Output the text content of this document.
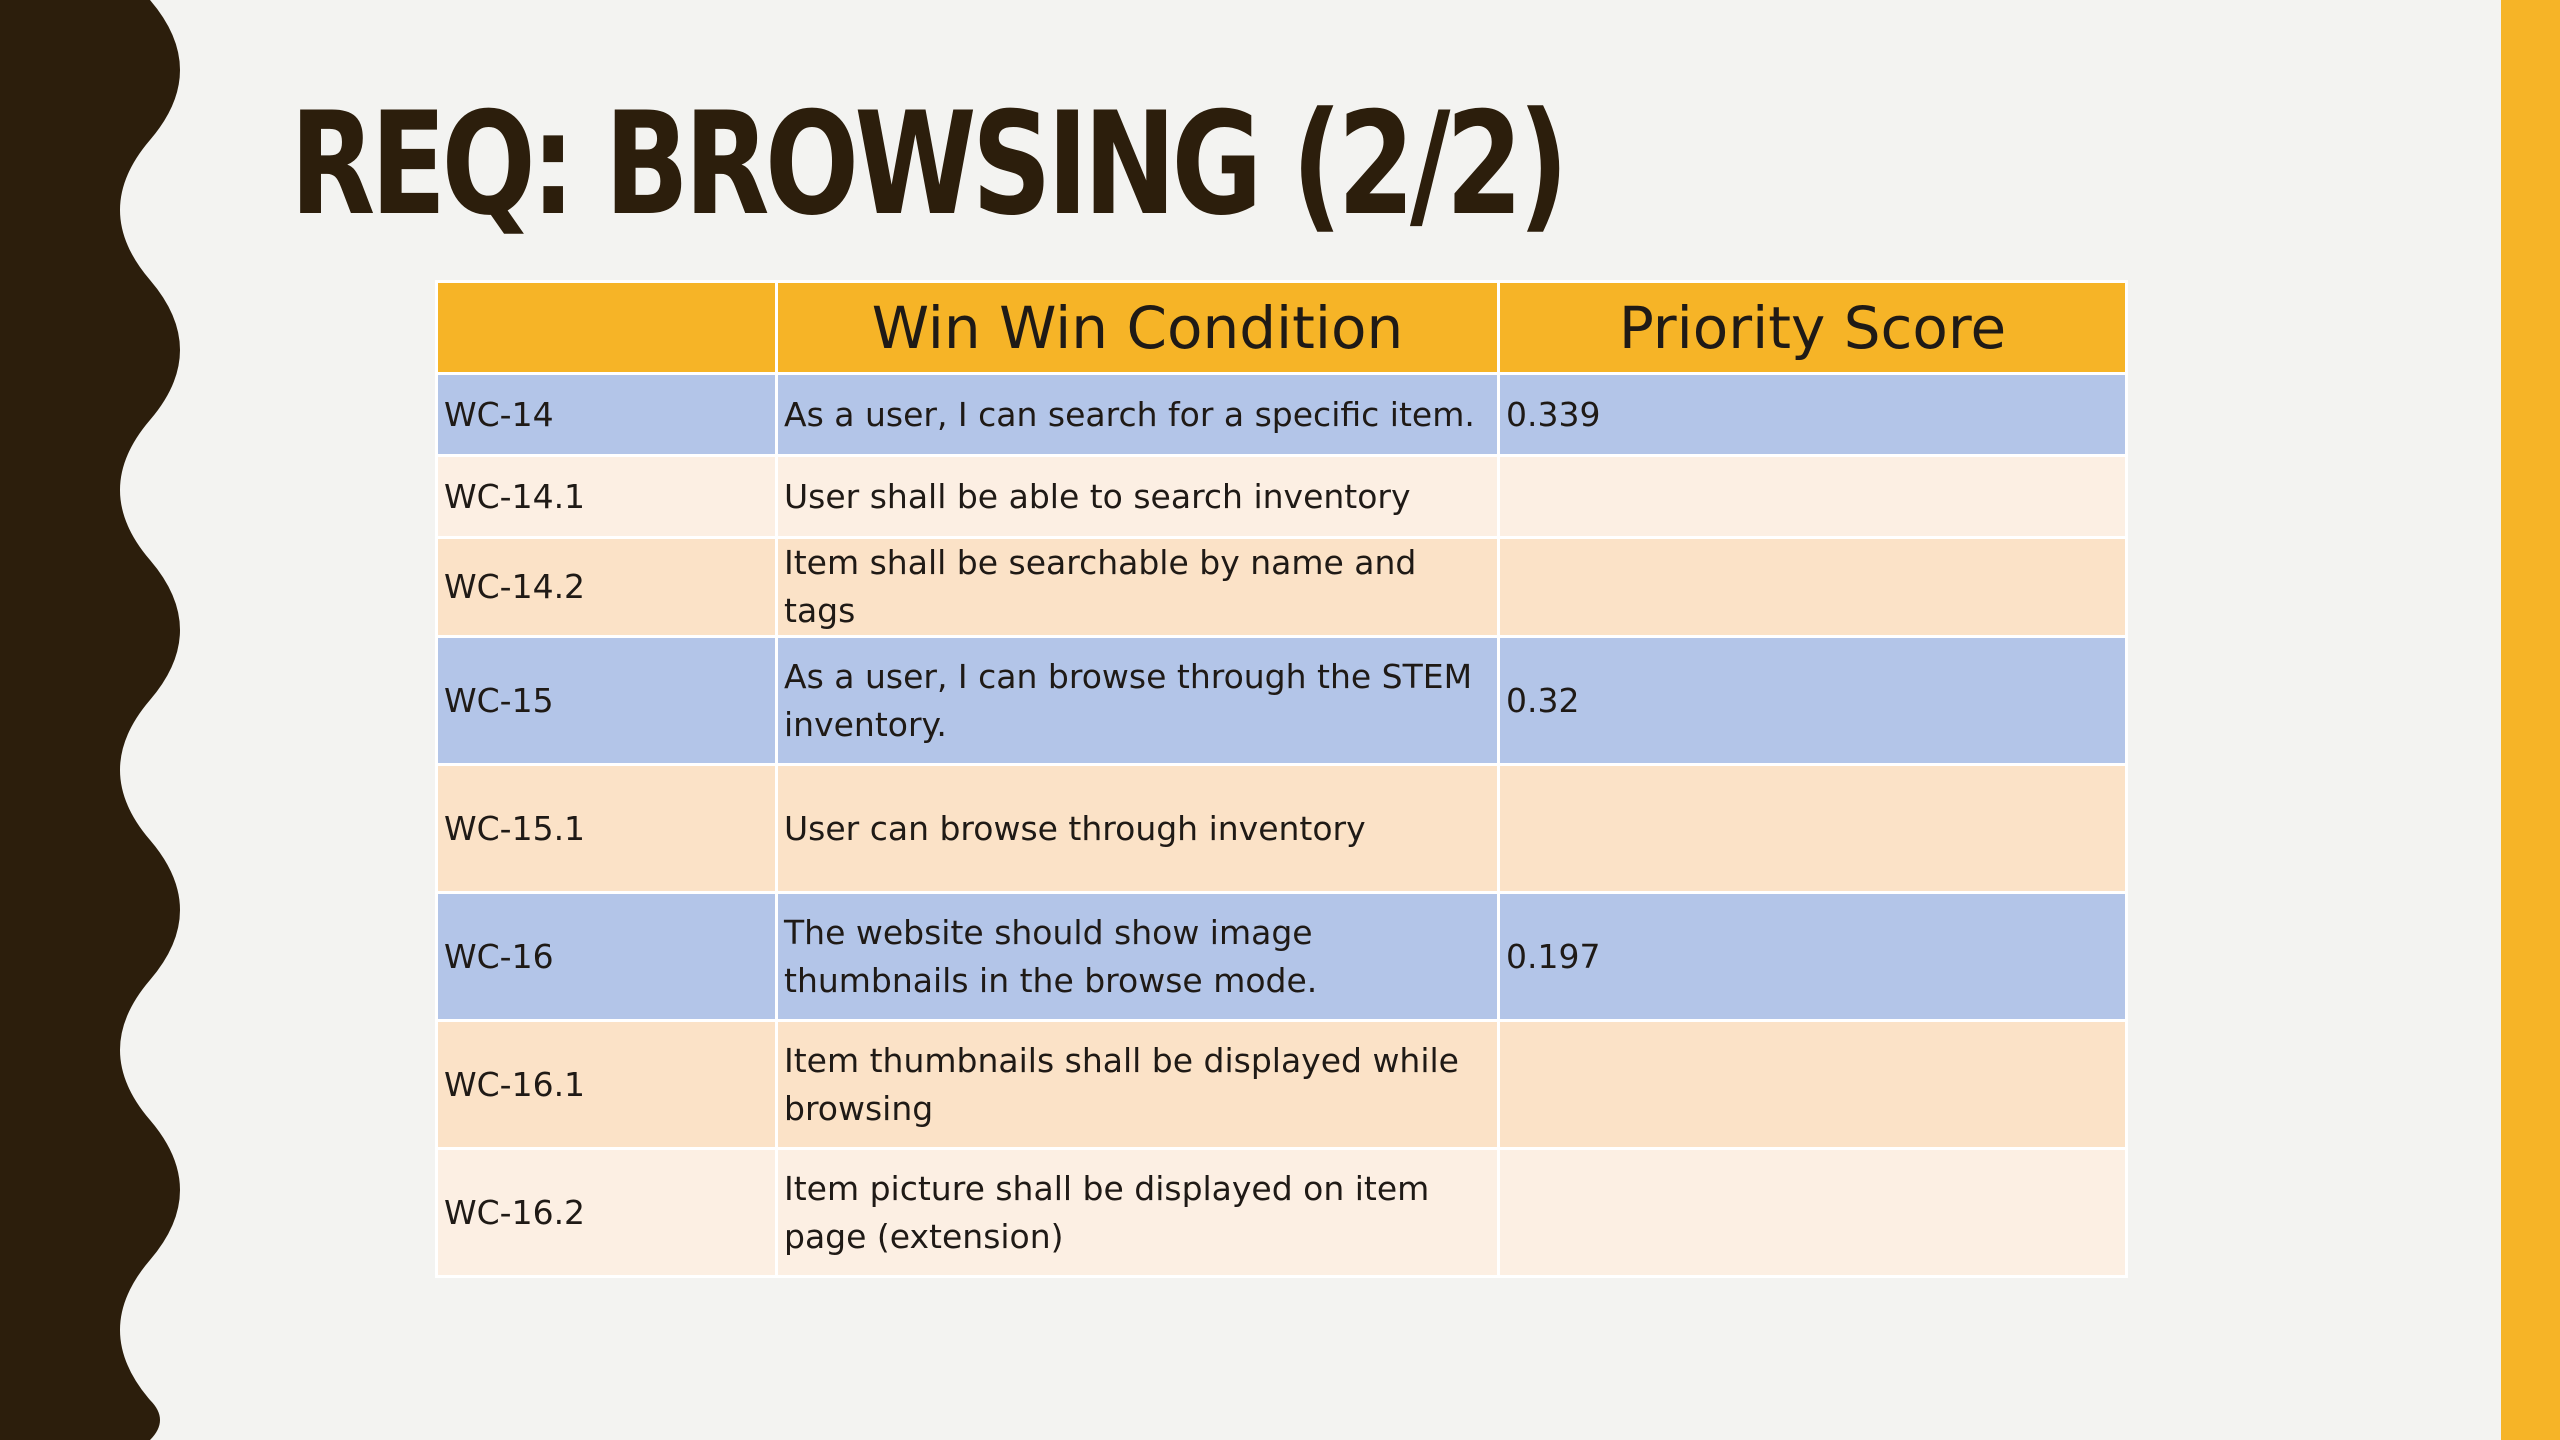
REQ: BROWSING (2/2)
	Win Win Condition	Priority Score
WC-14	As a user, I can search for a specific item.	0.339
WC-14.1	User shall be able to search inventory	
WC-14.2	Item shall be searchable by name and tags	
WC-15	As a user, I can browse through the STEM inventory.	0.32
WC-15.1	User can browse through inventory	
WC-16	The website should show image thumbnails in the browse mode.	0.197
WC-16.1	Item thumbnails shall be displayed while browsing	
WC-16.2	Item picture shall be displayed on item page (extension)	
